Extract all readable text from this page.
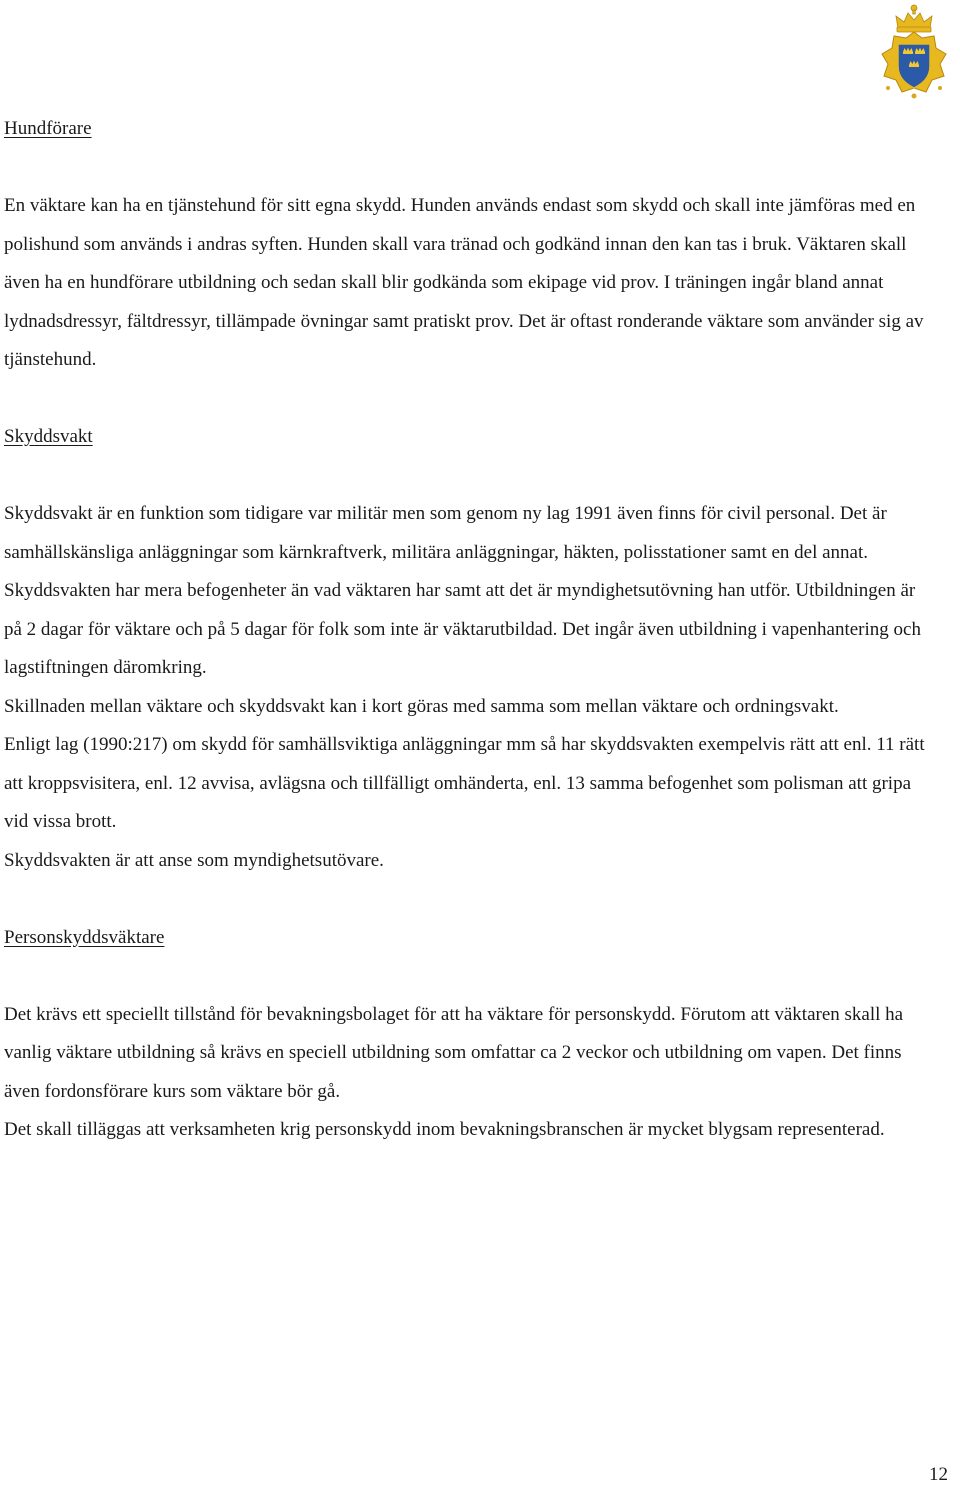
Hundförare

En väktare kan ha en tjänstehund för sitt egna skydd. Hunden används endast som skydd och skall inte jämföras med en polishund som används i andras syften. Hunden skall vara tränad och godkänd innan den kan tas i bruk. Väktaren skall även ha en hundförare utbildning och sedan skall blir godkända som ekipage vid prov. I träningen ingår bland annat lydnadsdressyr, fältdressyr, tillämpade övningar samt pratiskt prov. Det är oftast ronderande väktare som använder sig av tjänstehund.

Skyddsvakt

Skyddsvakt är en funktion som tidigare var militär men som genom ny lag 1991 även finns för civil personal. Det är samhällskänsliga anläggningar som kärnkraftverk, militära anläggningar, häkten, polisstationer samt en del annat.

Skyddsvakten har mera befogenheter än vad väktaren har samt att det är myndighetsutövning han utför. Utbildningen är på 2 dagar för väktare och på 5 dagar för folk som inte är väktarutbildad. Det ingår även utbildning i vapenhantering och lagstiftningen däromkring.

Skillnaden mellan väktare och skyddsvakt kan i kort göras med samma som mellan väktare och ordningsvakt.

Enligt lag (1990:217) om skydd för samhällsviktiga anläggningar mm så har skyddsvakten exempelvis rätt att enl. 11 rätt att kroppsvisitera, enl. 12 avvisa, avlägsna och tillfälligt omhänderta, enl. 13 samma befogenhet som polisman att gripa vid vissa brott.

Skyddsvakten är att anse som myndighetsutövare.

Personskyddsväktare

Det krävs ett speciellt tillstånd för bevakningsbolaget för att ha väktare för personskydd. Förutom att väktaren skall ha vanlig väktare utbildning så krävs en speciell utbildning som omfattar ca 2 veckor och utbildning om vapen. Det finns även fordonsförare kurs som väktare bör gå.

Det skall tilläggas att verksamheten krig personskydd inom bevakningsbranschen är mycket blygsam representerad.

12
